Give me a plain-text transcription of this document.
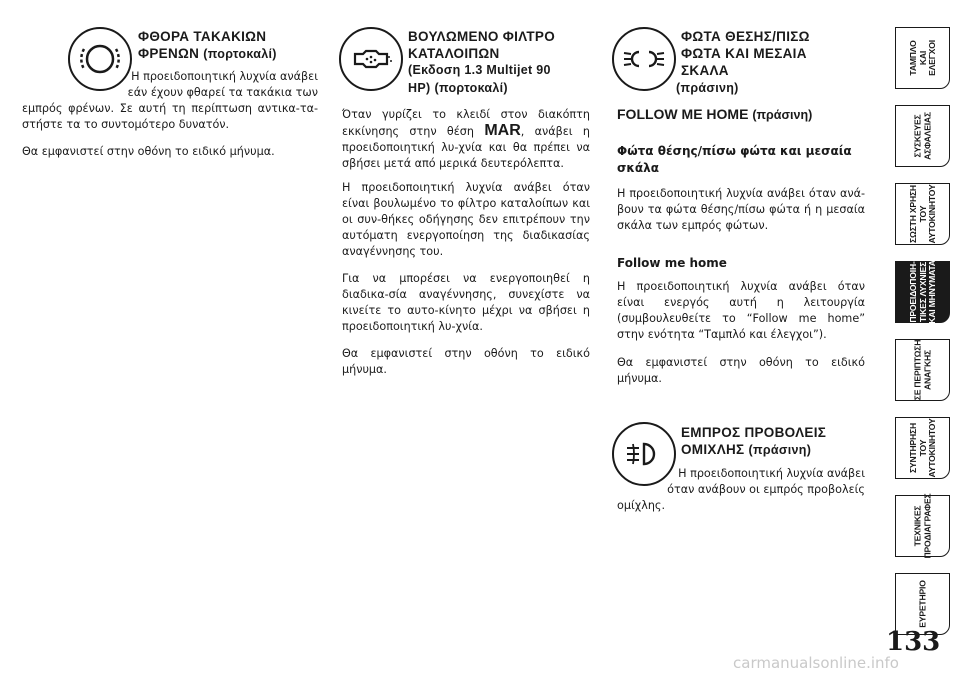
ΦΘΟΡΑ ΤΑΚΑΚΙΩΝ
ΦΡΕΝΩΝ (πορτοκαλί)
Η προειδοποιητική λυχνία ανάβει
εάν έχουν φθαρεί τα τακάκια των
εμπρός φρένων. Σε αυτή τη περίπτωση αντικα-ταστήστε τα το συντομότερο δυνατόν.
Θα εμφανιστεί στην οθόνη το ειδικό μήνυμα.
ΒΟΥΛΩΜΕΝΟ ΦΙΛΤΡΟ
ΚΑΤΑΛΟΙΠΩΝ
(Εκδοση 1.3 Multijet 90
HP) (πορτοκαλί)
Όταν γυρίζει το κλειδί στον διακόπτη εκκίνησης στην θέση MAR, ανάβει η προειδοποιητική λυ-χνία και θα πρέπει να σβήσει μετά από μερικά δευτερόλεπτα.
Η προειδοποιητική λυχνία ανάβει όταν είναι βουλωμένο το φίλτρο καταλοίπων και οι συν-θήκες οδήγησης δεν επιτρέπουν την αυτόματη ενεργοποίηση της διαδικασίας αναγέννησης του.
Για να μπορέσει να ενεργοποιηθεί η διαδικα-σία αναγέννησης, συνεχίστε να κινείτε το αυτο-κίνητο μέχρι να σβήσει η προειδοποιητική λυ-χνία.
Θα εμφανιστεί στην οθόνη το ειδικό μήνυμα.
ΦΩΤΑ ΘΕΣΗΣ/ΠΙΣΩ
ΦΩΤΑ ΚΑΙ ΜΕΣΑΙΑ
ΣΚΑΛΑ
(πράσινη)
FOLLOW ME HOME (πράσινη)
Φώτα θέσης/πίσω φώτα και μεσαία σκάλα
Η προειδοποιητική λυχνία ανάβει όταν ανά-βουν τα φώτα θέσης/πίσω φώτα ή η μεσαία σκάλα των εμπρός φώτων.
Follow me home
Η προειδοποιητική λυχνία ανάβει όταν είναι ενεργός αυτή η λειτουργία (συμβουλευθείτε το “Follow me home” στην ενότητα “Ταμπλό και έλεγχοι”).
Θα εμφανιστεί στην οθόνη το ειδικό μήνυμα.
ΕΜΠΡΟΣ ΠΡΟΒΟΛΕΙΣ
ΟΜΙΧΛΗΣ (πράσινη)
Η προειδοποιητική λυχνία ανάβει
όταν ανάβουν οι εμπρός προβολείς
ομίχλης.
ΤΑΜΠΛΟ
ΚΑΙ
ΕΛΕΓΧΟΙ
ΣΥΣΚΕΥΕΣ
ΑΣΦΑΛΕΙΑΣ
ΣΩΣΤΗ ΧΡΗΣΗ
ΤΟΥ
ΑΥΤΟΚΙΝΗΤΟΥ
ΠΡΟΕΙΔΟΠΟΙΗ-
ΤΙΚΕΣ ΛΥΧΝΙΕΣ
ΚΑΙ ΜΗΝΥΜΑΤΑ
ΣΕ ΠΕΡΙΠΤΩΣΗ
ΑΝΑΓΚΗΣ
ΣΥΝΤΗΡΗΣΗ
ΤΟΥ
ΑΥΤΟΚΙΝΗΤΟΥ
ΤΕΧΝΙΚΕΣ
ΠΡΟΔΙΑΓΡΑΦΕΣ
ΕΥΡΕΤΗΡΙΟ
133
carmanualsonline.info
